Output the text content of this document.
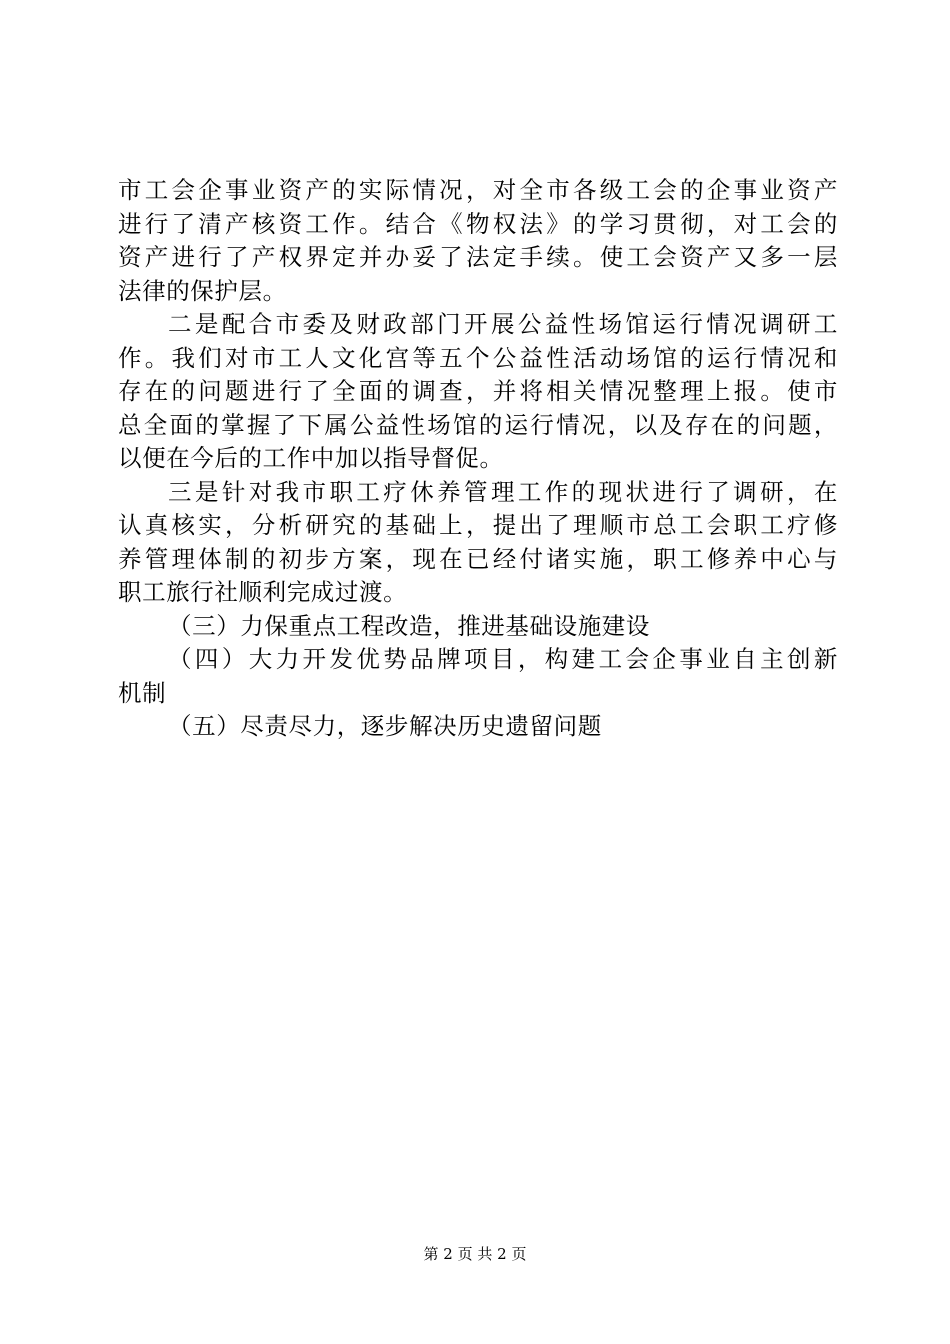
市工会企事业资产的实际情况，对全市各级工会的企事业资产
进行了清产核资工作。结合《物权法》的学习贯彻，对工会的
资产进行了产权界定并办妥了法定手续。使工会资产又多一层
法律的保护层。
二是配合市委及财政部门开展公益性场馆运行情况调研工
作。我们对市工人文化宫等五个公益性活动场馆的运行情况和
存在的问题进行了全面的调查，并将相关情况整理上报。使市
总全面的掌握了下属公益性场馆的运行情况，以及存在的问题，
以便在今后的工作中加以指导督促。
三是针对我市职工疗休养管理工作的现状进行了调研，在
认真核实，分析研究的基础上，提出了理顺市总工会职工疗修
养管理体制的初步方案，现在已经付诸实施，职工修养中心与
职工旅行社顺利完成过渡。
（三）力保重点工程改造，推进基础设施建设
（四）大力开发优势品牌项目，构建工会企事业自主创新
机制
（五）尽责尽力，逐步解决历史遗留问题
第 2 页 共 2 页
